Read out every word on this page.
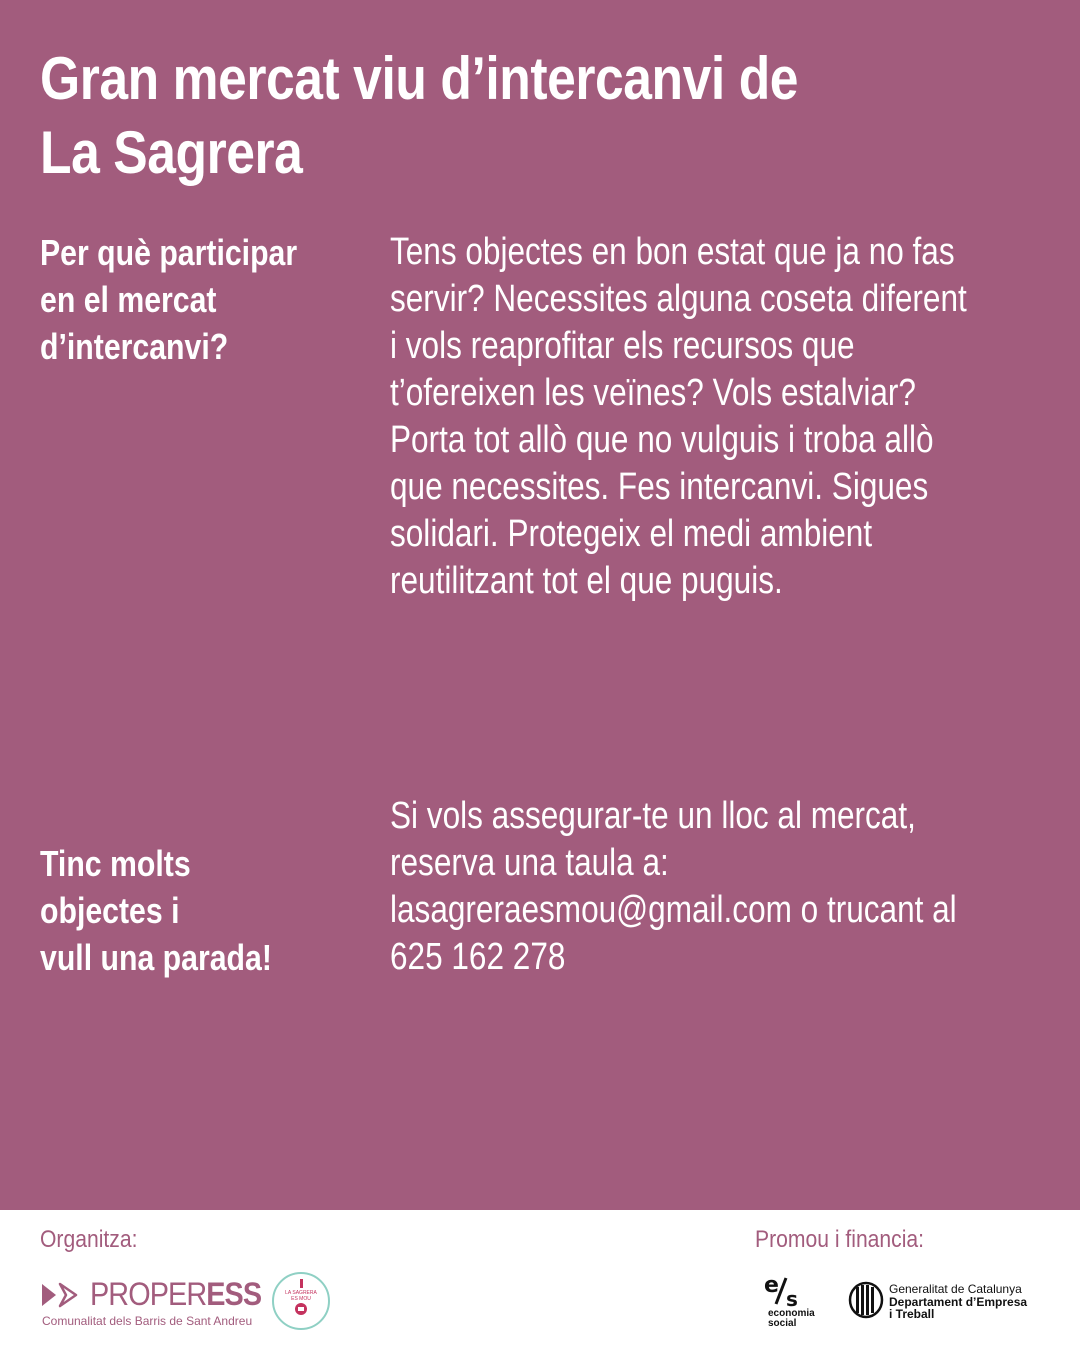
Gran mercat viu d’intercanvi de
La Sagrera

Per què participar
en el mercat
d’intercanvi?

Tens objectes en bon estat que ja no fas
servir? Necessites alguna coseta diferent
i vols reaprofitar els recursos que
t’ofereixen les veïnes? Vols estalviar?
Porta tot allò que no vulguis i troba allò
que necessites. Fes intercanvi. Sigues
solidari. Protegeix el medi ambient
reutilitzant tot el que puguis.

Tinc molts
objectes i
vull una parada!

Si vols assegurar-te un lloc al mercat,
reserva una taula a:
lasagreraesmou@gmail.com o trucant al
625 162 278

Organitza:	Promou i financia:
PROPERESS
Comunalitat dels Barris de Sant Andreu
LA SAGRERA
ES MOU
e
s
economia
social
Generalitat de Catalunya
Departament d’Empresa
i Treball
